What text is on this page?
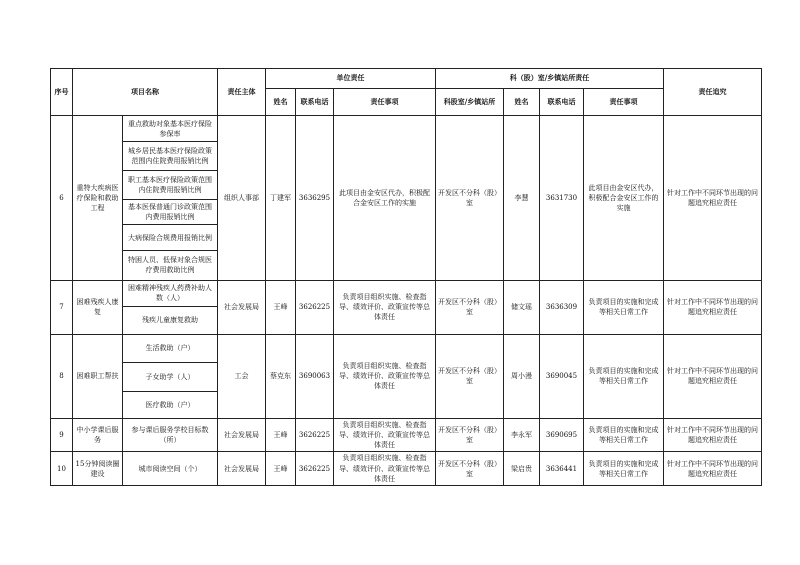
序号	项目名称		责任主体	单位责任			科（股）室/乡镇站所责任				责任追究
				姓名	联系电话	责任事项	科股室/乡镇站所	姓名	联系电话	责任事项	
6	重特大疾病医疗保险和救助工程	重点救助对象基本医疗保险参保率	组织人事部	丁建军	3636295	此项目由金安区代办，积极配合金安区工作的实施	开发区不分科（股）室	李慧	3631730	此项目由金安区代办，积极配合金安区工作的实施	针对工作中不同环节出现的问题追究相应责任
		城乡居民基本医疗保险政策范围内住院费用报销比例									
		职工基本医疗保险政策范围内住院费用报销比例									
		基本医保普通门诊政策范围内费用报销比例									
		大病保险合规费用报销比例									
		特困人员、低保对象合规医疗费用救助比例									
7	困难残疾人康复	困难精神残疾人药费补助人数（人）	社会发展局	王峰	3626225	负责项目组织实施、检查指导、绩效评价、政策宣传等总体责任	开发区不分科（股）室	储文瑶	3636309	负责项目的实施和完成等相关日常工作	针对工作中不同环节出现的问题追究相应责任
		残疾儿童康复救助									
8	困难职工帮扶	生活救助（户）	工会	蔡克东	3690063	负责项目组织实施、检查指导、绩效评价、政策宣传等总体责任	开发区不分科（股）室	周小漫	3690045	负责项目的实施和完成等相关日常工作	针对工作中不同环节出现的问题追究相应责任
		子女助学（人）									
		医疗救助（户）									
9	中小学课后服务	参与课后服务学校目标数（所）	社会发展局	王峰	3626225	负责项目组织实施、检查指导、绩效评价、政策宣传等总体责任	开发区不分科（股）室	李永军	3690695	负责项目的实施和完成等相关日常工作	针对工作中不同环节出现的问题追究相应责任
10	15分钟阅读圈建设	城市阅读空间（个）	社会发展局	王峰	3626225	负责项目组织实施、检查指导、绩效评价、政策宣传等总体责任	开发区不分科（股）室	梁启贵	3636441	负责项目的实施和完成等相关日常工作	针对工作中不同环节出现的问题追究相应责任
